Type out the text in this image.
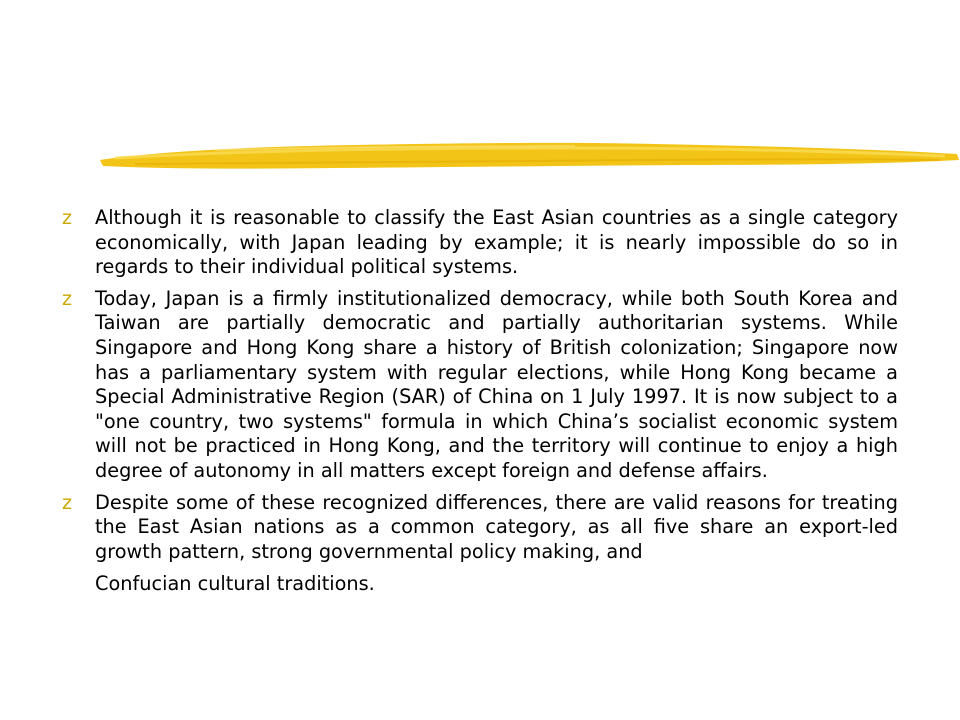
z Although it is reasonable to classify the East Asian countries as a single category economically, with Japan leading by example; it is nearly impossible do so in regards to their individual political systems.

z Today, Japan is a firmly institutionalized democracy, while both South Korea and Taiwan are partially democratic and partially authoritarian systems. While Singapore and Hong Kong share a history of British colonization; Singapore now has a parliamentary system with regular elections, while Hong Kong became a Special Administrative Region (SAR) of China on 1 July 1997. It is now subject to a "one country, two systems" formula in which China’s socialist economic system will not be practiced in Hong Kong, and the territory will continue to enjoy a high degree of autonomy in all matters except foreign and defense affairs.

z Despite some of these recognized differences, there are valid reasons for treating the East Asian nations as a common category, as all five share an export-led growth pattern, strong governmental policy making, and
Confucian cultural traditions.
